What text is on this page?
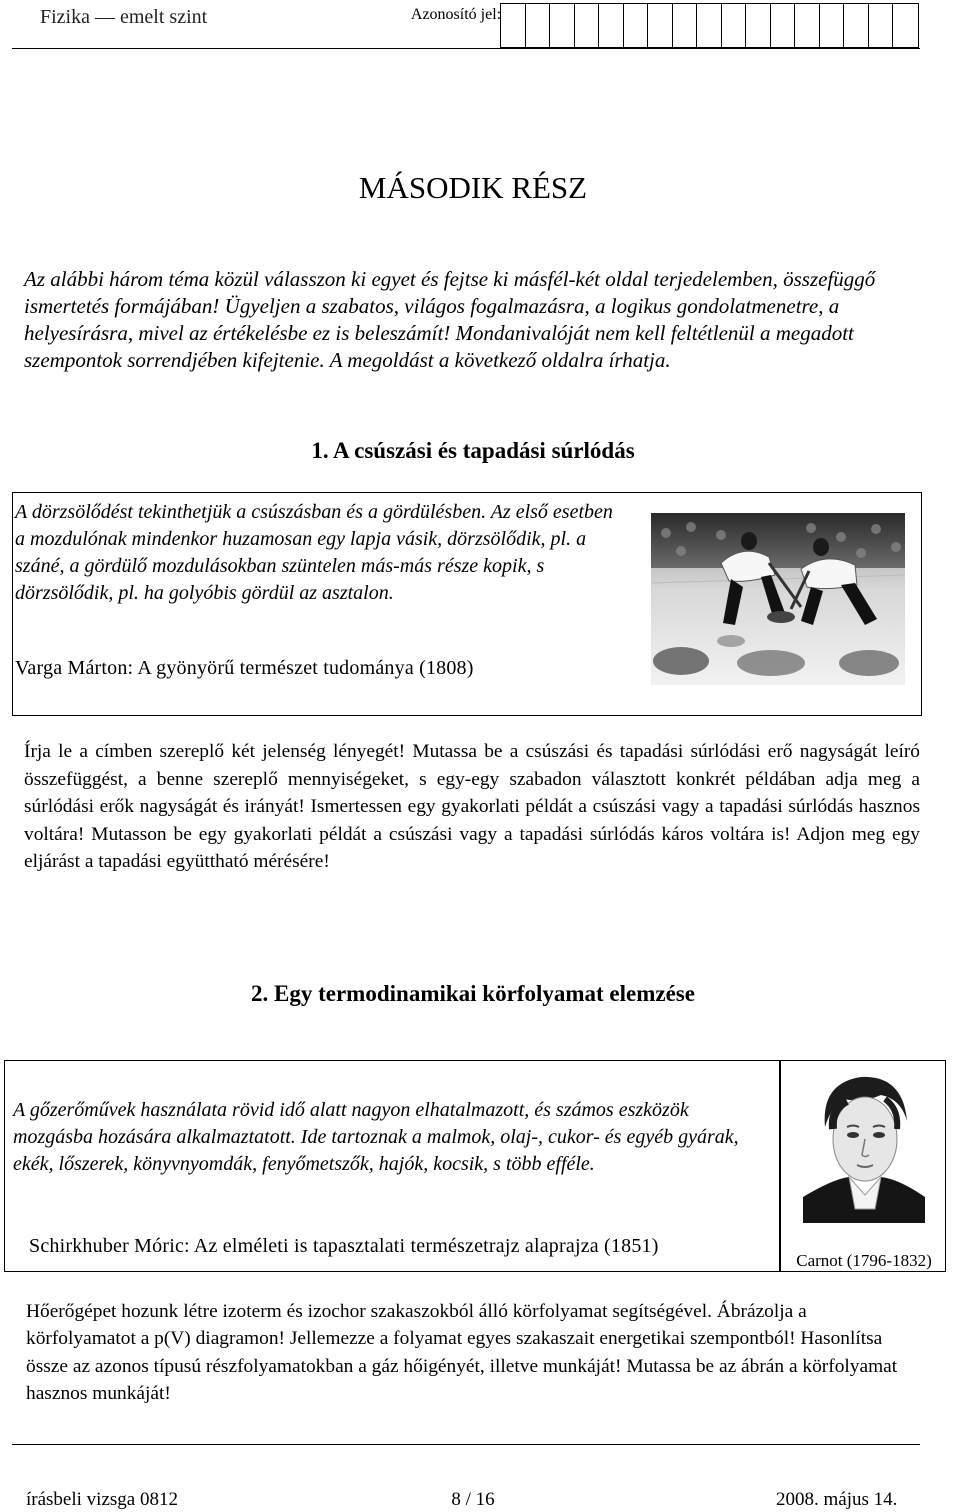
Fizika — emelt szint	Azonosító jel:
MÁSODIK RÉSZ

Az alábbi három téma közül válasszon ki egyet és fejtse ki másfél-két oldal terjedelemben, összefüggő ismertetés formájában! Ügyeljen a szabatos, világos fogalmazásra, a logikus gondolatmenetre, a helyesírásra, mivel az értékelésbe ez is beleszámít! Mondanivalóját nem kell feltétlenül a megadott szempontok sorrendjében kifejtenie. A megoldást a következő oldalra írhatja.

1. A csúszási és tapadási súrlódás
A dörzsölődést tekinthetjük a csúszásban és a gördülésben. Az első esetben a mozdulónak mindenkor huzamosan egy lapja vásik, dörzsölődik, pl. a száné, a gördülő mozdulásokban szüntelen más-más része kopik, s dörzsölődik, pl. ha golyóbis gördül az asztalon.
Varga Márton: A gyönyörű természet tudománya (1808)
Írja le a címben szereplő két jelenség lényegét! Mutassa be a csúszási és tapadási súrlódási erő nagyságát leíró összefüggést, a benne szereplő mennyiségeket, s egy-egy szabadon választott konkrét példában adja meg a súrlódási erők nagyságát és irányát! Ismertessen egy gyakorlati példát a csúszási vagy a tapadási súrlódás hasznos voltára! Mutasson be egy gyakorlati példát a csúszási vagy a tapadási súrlódás káros voltára is! Adjon meg egy eljárást a tapadási együttható mérésére!
2. Egy termodinamikai körfolyamat elemzése
A gőzerőművek használata rövid idő alatt nagyon elhatalmazott, és számos eszközök mozgásba hozására alkalmaztatott. Ide tartoznak a malmok, olaj-, cukor- és egyéb gyárak, ekék, lőszerek, könyvnyomdák, fenyőmetszők, hajók, kocsik, s több efféle.
Schirkhuber Móric: Az elméleti is tapasztalati természetrajz alaprajza (1851)
Carnot (1796-1832)
Hőerőgépet hozunk létre izoterm és izochor szakaszokból álló körfolyamat segítségével. Ábrázolja a körfolyamatot a p(V) diagramon! Jellemezze a folyamat egyes szakaszait energetikai szempontból! Hasonlítsa össze az azonos típusú részfolyamatokban a gáz hőigényét, illetve munkáját! Mutassa be az ábrán a körfolyamat hasznos munkáját!
írásbeli vizsga 0812	8 / 16	2008. május 14.
